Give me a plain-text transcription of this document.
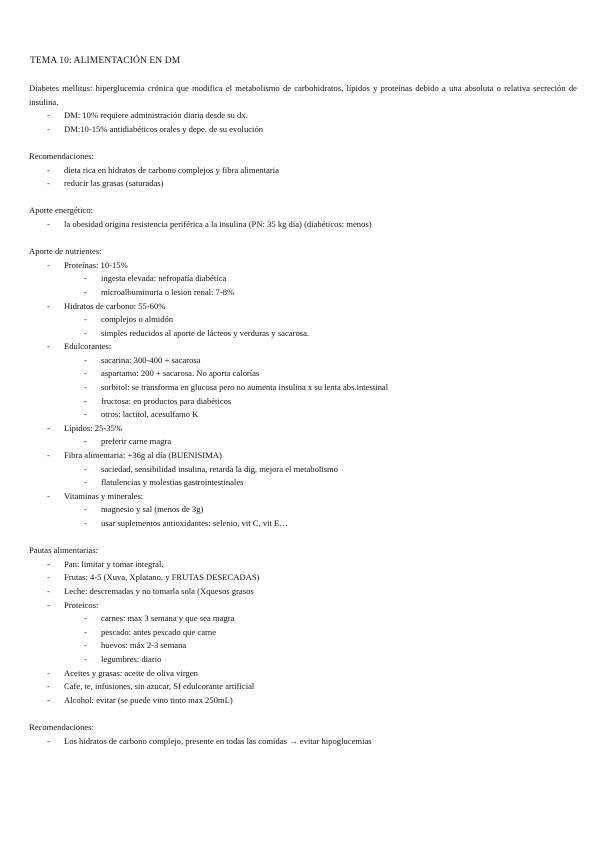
TEMA 10: ALIMENTACIÓN EN DM

Diabetes mellitus: hiperglucemia crónica que modifica el metabolismo de carbohidratos, lípidos y proteínas debido a una absoluta o relativa secreción de insulina.

-	DM: 10% requiere administración diaria desde su dx.
-	DM:10-15% antidiabéticos orales y depe. de su evolución
Recomendaciones:
-	dieta rica en hidratos de carbono complejos y fibra alimentaria
-	reducir las grasas (saturadas)
Aporte energético:
-	la obesidad origina resistencia periférica a la insulina (PN: 35 kg día) (diabéticos: menos)
Aporte de nutrientes:
-	Proteínas: 10-15%
-	ingesta elevada: nefropatía diabética
-	microalbuminuria o lesion renal: 7-8%
-	Hidratos de carbono: 55-60%
-	complejos o almidón
-	simples reducidos al aporte de lácteos y verduras y sacarosa.
-	Edulcorantes:
-	sacarina: 300-400 + sacarosa
-	aspartamo: 200 + sacarosa. No aporta calorías
-	sorbitol: se transforma en glucosa pero no aumenta insulina x su lenta abs.intestinal
-	fructosa: en productos para diabéticos
-	otros: lactitol, acesulfamo K
-	Lípidos: 25-35%
-	preferir carne magra
-	Fibra alimentaria: +36g al día (BUENISIMA)
-	saciedad, sensibilidad insulina, retarda la dig, mejora el metabolismo
-	flatulencias y molestias gastrointestinales
-	Vitaminas y minerales:
-	magnesio y sal (menos de 3g)
-	usar suplementos antioxidantes: selenio, vit C, vit E…
Pautas alimentarias:
-	Pan: limitar y tomar integral.
-	Frutas: 4-5 (Xuva, Xplatano, y FRUTAS DESECADAS)
-	Leche: descremadas y no tomarla sola (Xquesos grasos
-	Proteicos:
-	carnes: max 3 semana y que sea magra
-	pescado: antes pescado que carne
-	huevos: máx 2-3 semana
-	legumbres: diario
-	Aceites y grasas: aceite de oliva virgen
-	Cafe, te, infusiones, sin azucar, SI edulcorante artificial
-	Alcohol: evitar (se puede vino tinto max 250mL)
Recomendaciones:
-	Los hidratos de carbono complejo, presente en todas las comidas → evitar hipoglucemias
